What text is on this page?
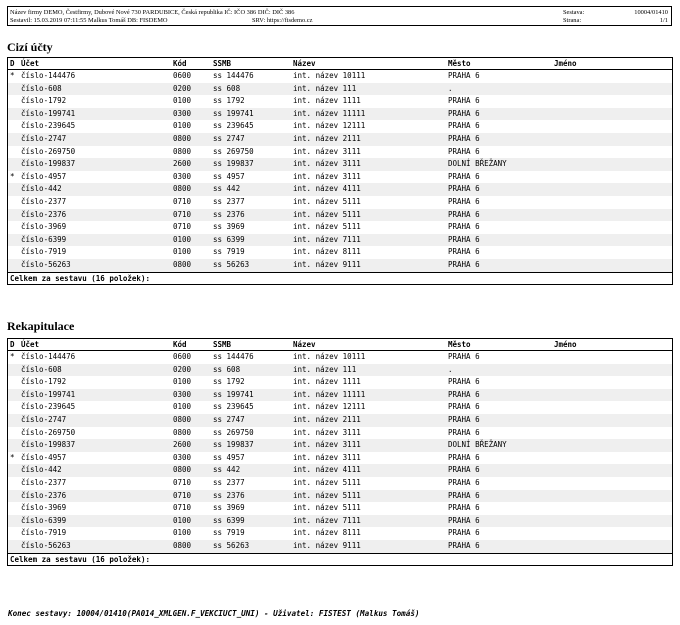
Název firmy DEMO, Čestfirmy, Dubové Nové 730 PARDUBICE, Česká republika IČ: IČO 386 DIČ: DIČ 386
Sestavil: 15.03.2019 07:11:55 Malkus Tomáš DB: FISDEMO	SRV: https://fisdemo.cz
Sestava:	10004/01410
Strana:	1/1
Cizí účty
D Účet	Kód	SSMB	Název	Město	Jméno
* číslo-144476	0600	ss 144476	int. název 10111	PRAHA 6
číslo-608	0200	ss 608	int. název 111	.
číslo-1792	0100	ss 1792	int. název 1111	PRAHA 6
číslo-199741	0300	ss 199741	int. název 11111	PRAHA 6
číslo-239645	0100	ss 239645	int. název 12111	PRAHA 6
číslo-2747	0800	ss 2747	int. název 2111	PRAHA 6
číslo-269750	0800	ss 269750	int. název 3111	PRAHA 6
číslo-199837	2600	ss 199837	int. název 3111	DOLNÍ BŘEŽANY
* číslo-4957	0300	ss 4957	int. název 3111	PRAHA 6
číslo-442	0800	ss 442	int. název 4111	PRAHA 6
číslo-2377	0710	ss 2377	int. název 5111	PRAHA 6
číslo-2376	0710	ss 2376	int. název 5111	PRAHA 6
číslo-3969	0710	ss 3969	int. název 5111	PRAHA 6
číslo-6399	0100	ss 6399	int. název 7111	PRAHA 6
číslo-7919	0100	ss 7919	int. název 8111	PRAHA 6
číslo-56263	0800	ss 56263	int. název 9111	PRAHA 6
Celkem za sestavu (16 položek):
Rekapitulace
D Účet	Kód	SSMB	Název	Město	Jméno
* číslo-144476	0600	ss 144476	int. název 10111	PRAHA 6
číslo-608	0200	ss 608	int. název 111	.
číslo-1792	0100	ss 1792	int. název 1111	PRAHA 6
číslo-199741	0300	ss 199741	int. název 11111	PRAHA 6
číslo-239645	0100	ss 239645	int. název 12111	PRAHA 6
číslo-2747	0800	ss 2747	int. název 2111	PRAHA 6
číslo-269750	0800	ss 269750	int. název 3111	PRAHA 6
číslo-199837	2600	ss 199837	int. název 3111	DOLNÍ BŘEŽANY
* číslo-4957	0300	ss 4957	int. název 3111	PRAHA 6
číslo-442	0800	ss 442	int. název 4111	PRAHA 6
číslo-2377	0710	ss 2377	int. název 5111	PRAHA 6
číslo-2376	0710	ss 2376	int. název 5111	PRAHA 6
číslo-3969	0710	ss 3969	int. název 5111	PRAHA 6
číslo-6399	0100	ss 6399	int. název 7111	PRAHA 6
číslo-7919	0100	ss 7919	int. název 8111	PRAHA 6
číslo-56263	0800	ss 56263	int. název 9111	PRAHA 6
Celkem za sestavu (16 položek):
Konec sestavy: 10004/01410(PA014_XMLGEN.F_VEKCIUCT_UNI) - Uživatel: FISTEST (Malkus Tomáš)
